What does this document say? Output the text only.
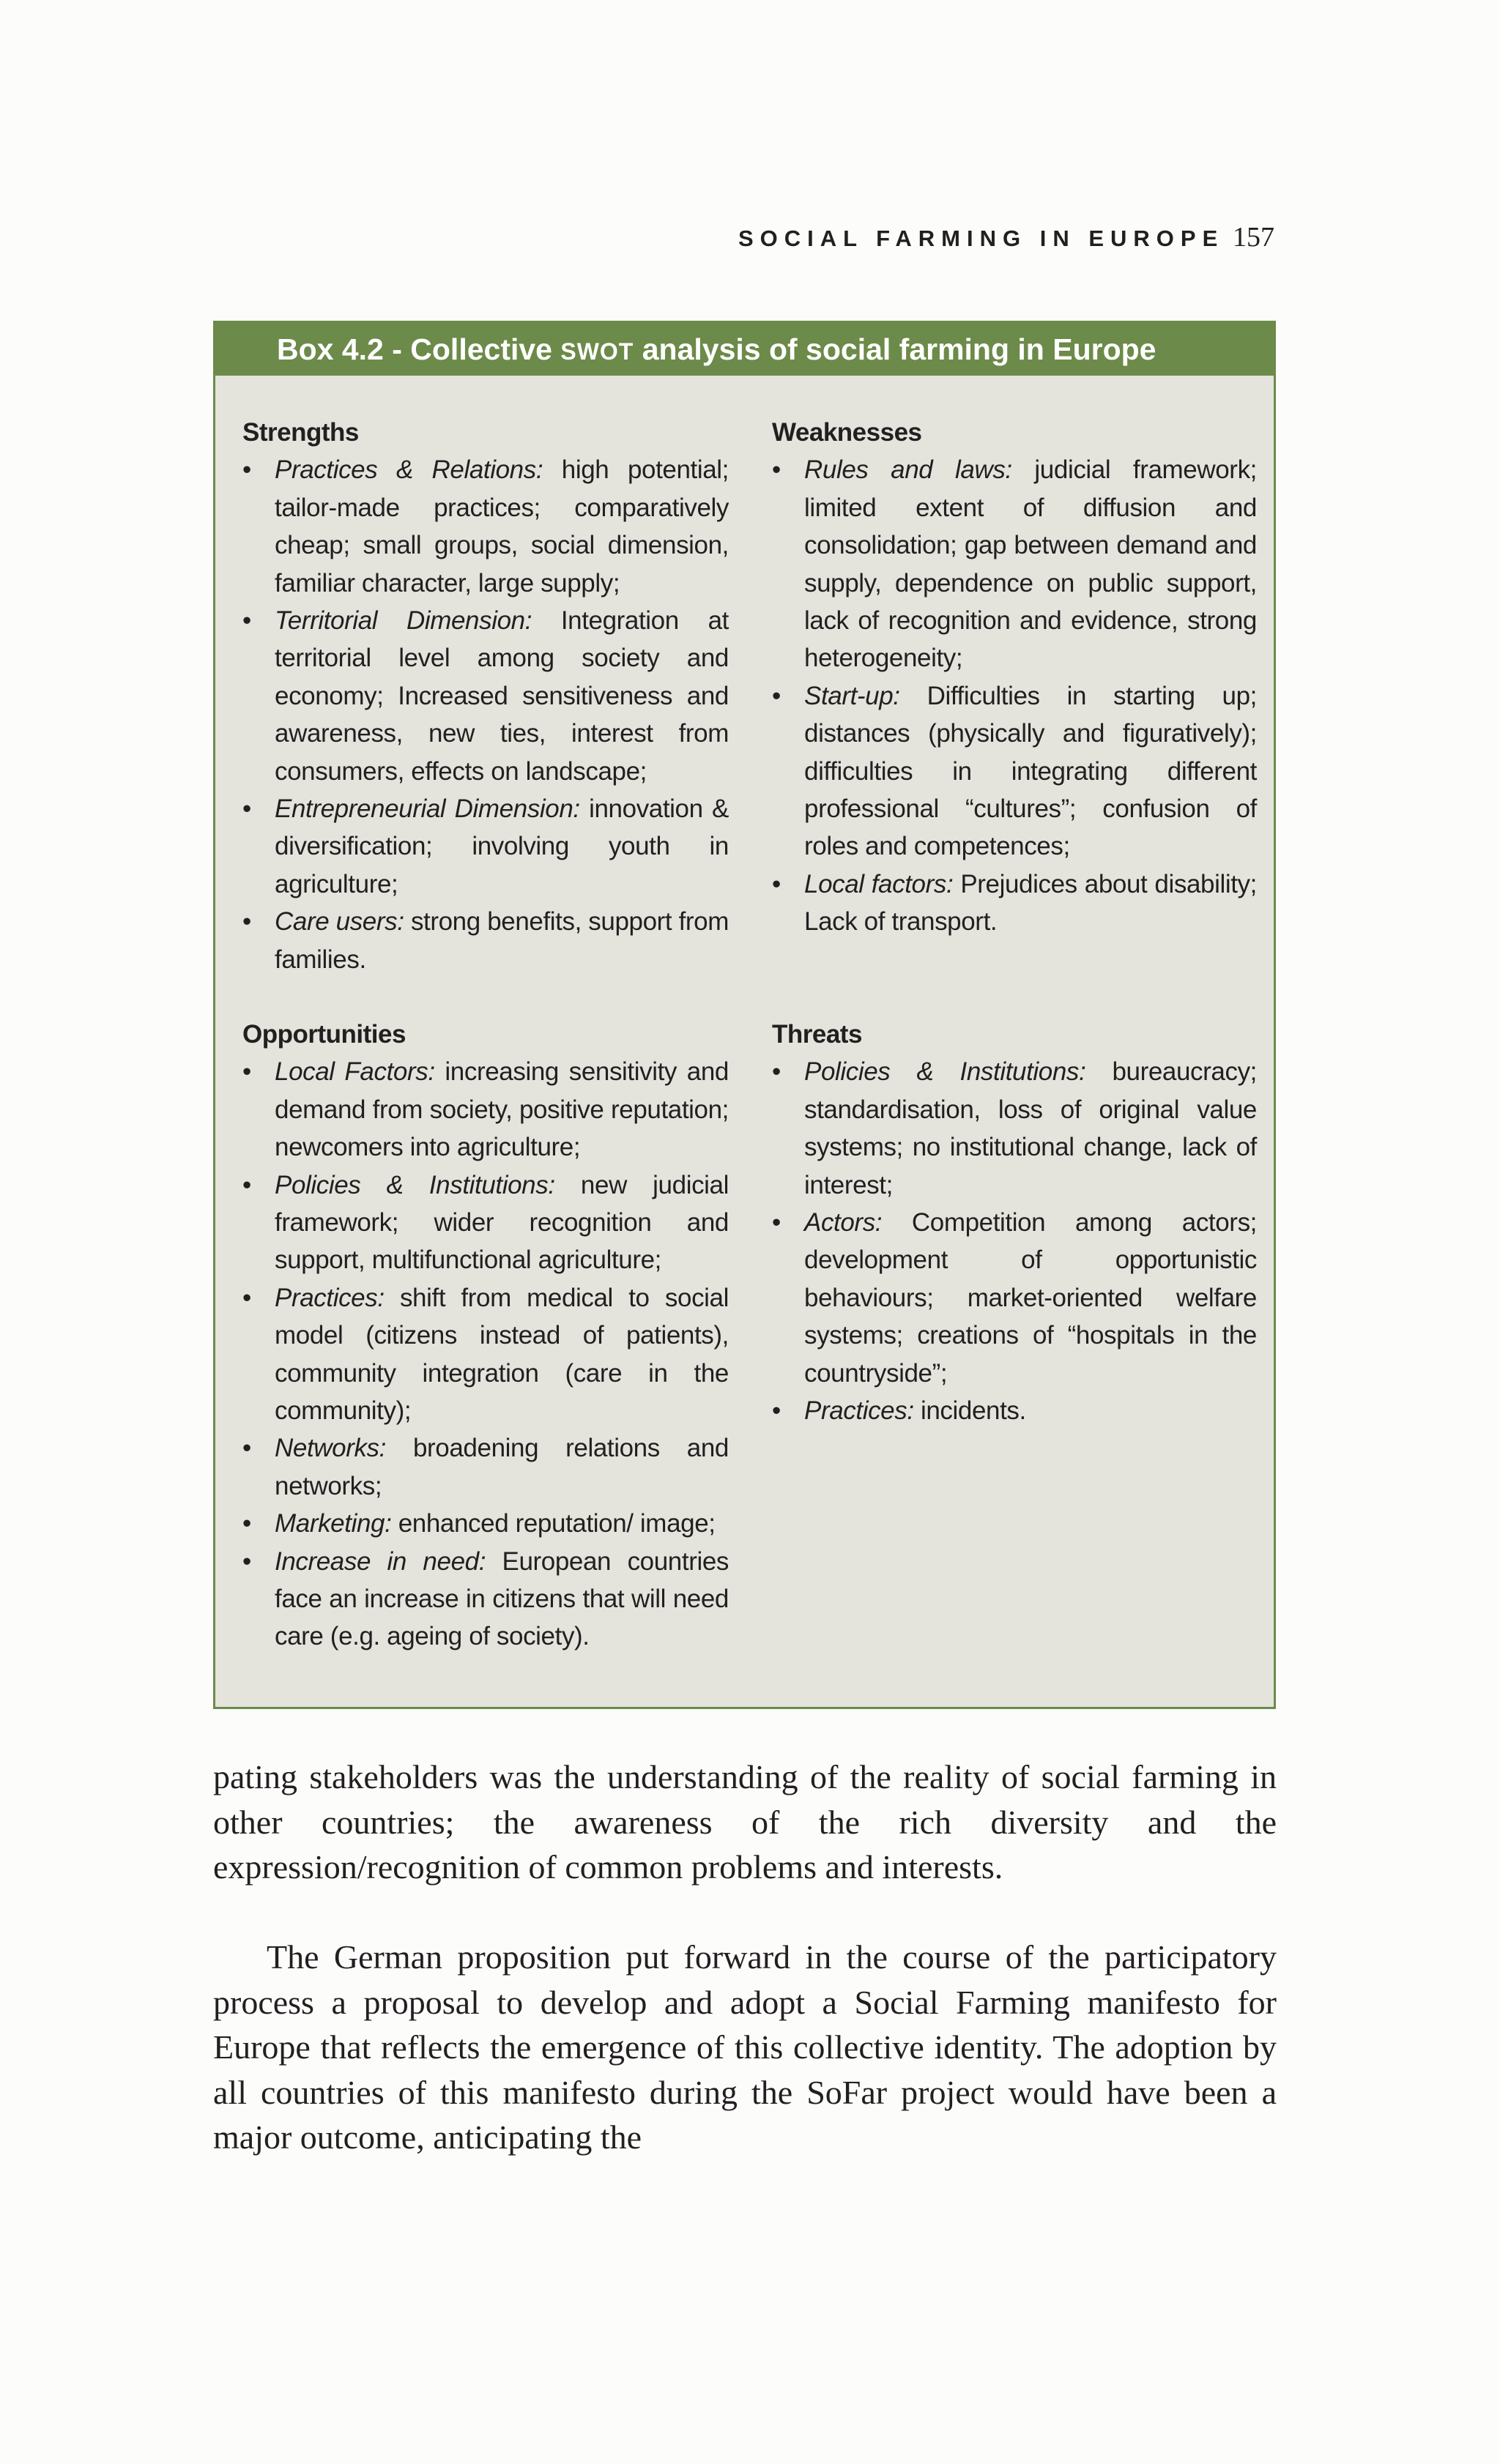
SOCIAL FARMING IN EUROPE 157
Box 4.2 - Collective SWOT analysis of social farming in Europe
Strengths
• Practices & Relations: high potential; tailor-made practices; comparatively cheap; small groups, social dimension, familiar character, large supply;
• Territorial Dimension: Integration at territorial level among society and economy; Increased sensitiveness and awareness, new ties, interest from consumers, effects on landscape;
• Entrepreneurial Dimension: innovation & diversification; involving youth in agriculture;
• Care users: strong benefits, support from families.
Weaknesses
• Rules and laws: judicial framework; limited extent of diffusion and consolidation; gap between demand and supply, dependence on public support, lack of recognition and evidence, strong heterogeneity;
• Start-up: Difficulties in starting up; distances (physically and figuratively); difficulties in integrating different professional “cultures”; confusion of roles and competences;
• Local factors: Prejudices about disability; Lack of transport.
Opportunities
• Local Factors: increasing sensitivity and demand from society, positive reputation; newcomers into agriculture;
• Policies & Institutions: new judicial framework; wider recognition and support, multifunctional agriculture;
• Practices: shift from medical to social model (citizens instead of patients), community integration (care in the community);
• Networks: broadening relations and networks;
• Marketing: enhanced reputation/ image;
• Increase in need: European countries face an increase in citizens that will need care (e.g. ageing of society).
Threats
• Policies & Institutions: bureaucracy; standardisation, loss of original value systems; no institutional change, lack of interest;
• Actors: Competition among actors; development of opportunistic behaviours; market-oriented welfare systems; creations of “hospitals in the countryside”;
• Practices: incidents.

pating stakeholders was the understanding of the reality of social farming in other countries; the awareness of the rich diversity and the expression/recognition of common problems and interests.

The German proposition put forward in the course of the participatory process a proposal to develop and adopt a Social Farming manifesto for Europe that reflects the emergence of this collective identity. The adoption by all countries of this manifesto during the SoFar project would have been a major outcome, anticipating the
